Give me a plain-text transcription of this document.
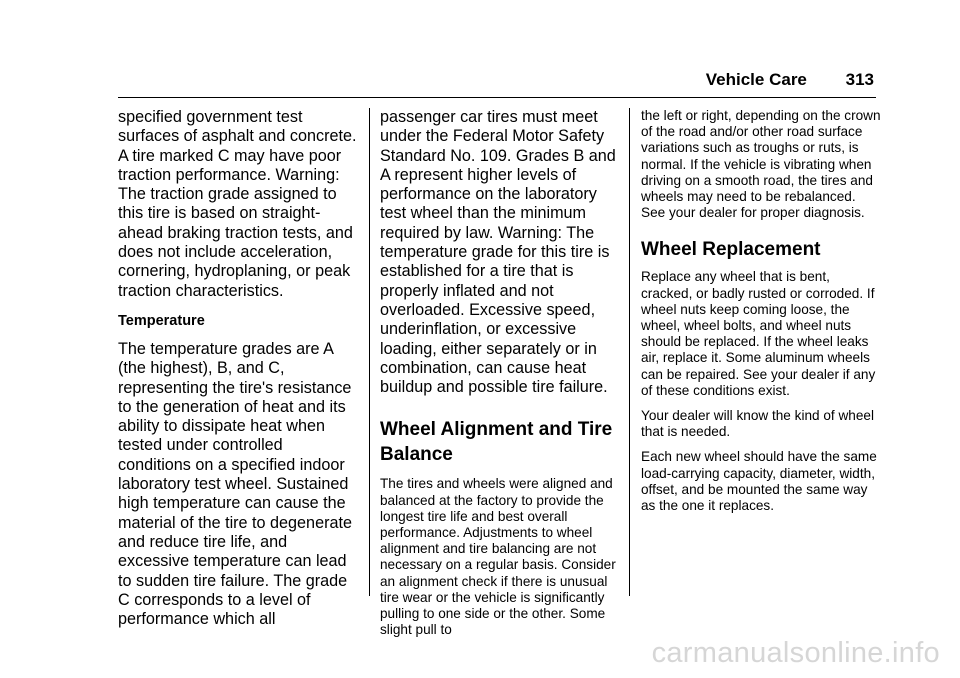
Vehicle Care 313

specified government test surfaces of asphalt and concrete. A tire marked C may have poor traction performance. Warning: The traction grade assigned to this tire is based on straight-ahead braking traction tests, and does not include acceleration, cornering, hydroplaning, or peak traction characteristics.

Temperature

The temperature grades are A (the highest), B, and C, representing the tire's resistance to the generation of heat and its ability to dissipate heat when tested under controlled conditions on a specified indoor laboratory test wheel. Sustained high temperature can cause the material of the tire to degenerate and reduce tire life, and excessive temperature can lead to sudden tire failure. The grade C corresponds to a level of performance which all

passenger car tires must meet under the Federal Motor Safety Standard No. 109. Grades B and A represent higher levels of performance on the laboratory test wheel than the minimum required by law. Warning: The temperature grade for this tire is established for a tire that is properly inflated and not overloaded. Excessive speed, underinflation, or excessive loading, either separately or in combination, can cause heat buildup and possible tire failure.

Wheel Alignment and Tire Balance

The tires and wheels were aligned and balanced at the factory to provide the longest tire life and best overall performance. Adjustments to wheel alignment and tire balancing are not necessary on a regular basis. Consider an alignment check if there is unusual tire wear or the vehicle is significantly pulling to one side or the other. Some slight pull to

the left or right, depending on the crown of the road and/or other road surface variations such as troughs or ruts, is normal. If the vehicle is vibrating when driving on a smooth road, the tires and wheels may need to be rebalanced. See your dealer for proper diagnosis.

Wheel Replacement

Replace any wheel that is bent, cracked, or badly rusted or corroded. If wheel nuts keep coming loose, the wheel, wheel bolts, and wheel nuts should be replaced. If the wheel leaks air, replace it. Some aluminum wheels can be repaired. See your dealer if any of these conditions exist.

Your dealer will know the kind of wheel that is needed.

Each new wheel should have the same load-carrying capacity, diameter, width, offset, and be mounted the same way as the one it replaces.

carmanualsonline.info
